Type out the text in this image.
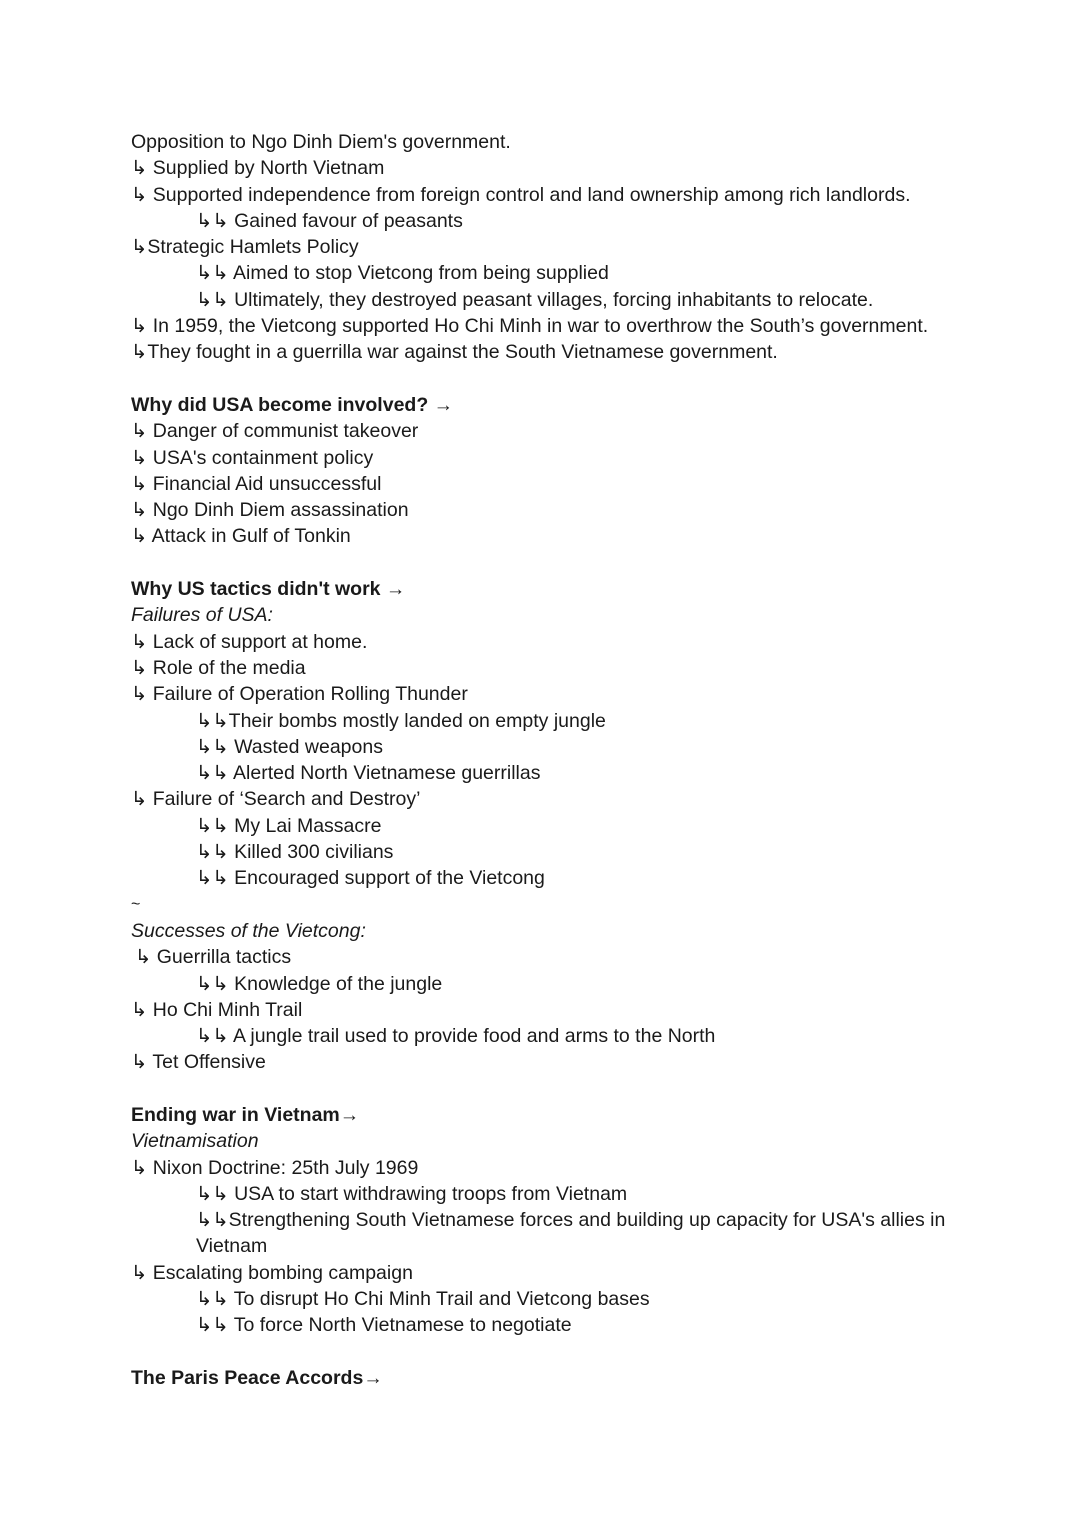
Opposition to Ngo Dinh Diem's government.
↳ Supplied by North Vietnam
↳ Supported independence from foreign control and land ownership among rich landlords.
↳↳ Gained favour of peasants
↳Strategic Hamlets Policy
↳↳ Aimed to stop Vietcong from being supplied
↳↳ Ultimately, they destroyed peasant villages, forcing inhabitants to relocate.
↳ In 1959, the Vietcong supported Ho Chi Minh in war to overthrow the South’s government.
↳They fought in a guerrilla war against the South Vietnamese government.
Why did USA become involved? →
↳ Danger of communist takeover
↳ USA's containment policy
↳ Financial Aid unsuccessful
↳ Ngo Dinh Diem assassination
↳ Attack in Gulf of Tonkin
Why US tactics didn't work →
Failures of USA:
↳ Lack of support at home.
↳ Role of the media
↳ Failure of Operation Rolling Thunder
↳↳Their bombs mostly landed on empty jungle
↳↳ Wasted weapons
↳↳ Alerted North Vietnamese guerrillas
↳ Failure of ‘Search and Destroy’
↳↳ My Lai Massacre
↳↳ Killed 300 civilians
↳↳ Encouraged support of the Vietcong
~
Successes of the Vietcong:
↳ Guerrilla tactics
↳↳ Knowledge of the jungle
↳ Ho Chi Minh Trail
↳↳ A jungle trail used to provide food and arms to the North
↳ Tet Offensive
Ending war in Vietnam→
Vietnamisation
↳ Nixon Doctrine: 25th July 1969
↳↳ USA to start withdrawing troops from Vietnam
↳↳Strengthening South Vietnamese forces and building up capacity for USA's allies in Vietnam
↳ Escalating bombing campaign
↳↳ To disrupt Ho Chi Minh Trail and Vietcong bases
↳↳ To force North Vietnamese to negotiate
The Paris Peace Accords→
